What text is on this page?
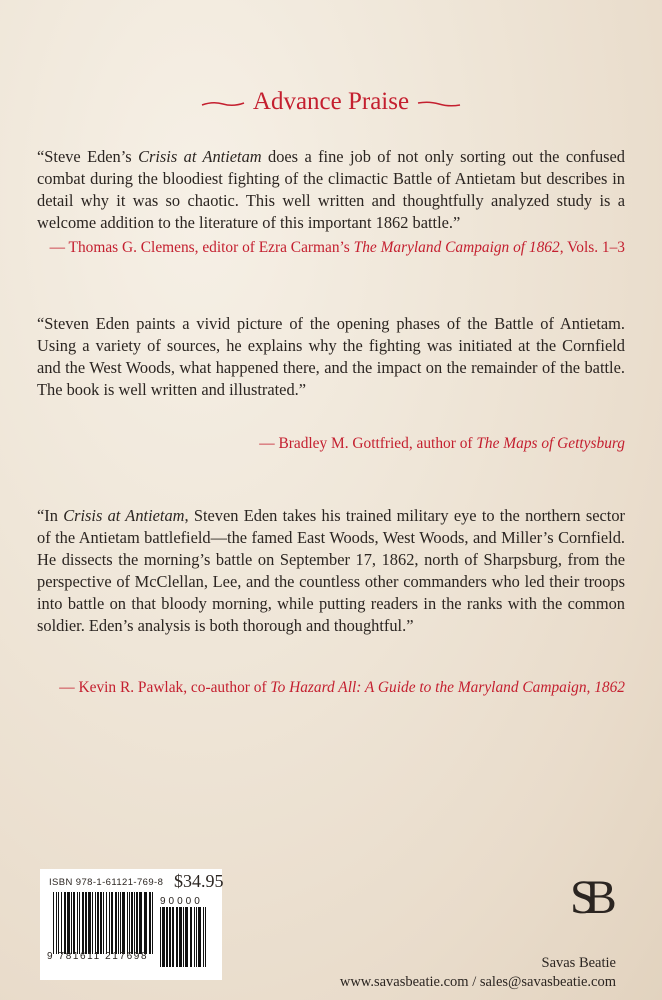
Advance Praise
“Steve Eden’s Crisis at Antietam does a fine job of not only sorting out the confused combat during the bloodiest fighting of the climactic Battle of Antietam but describes in detail why it was so chaotic. This well written and thoughtfully analyzed study is a welcome addition to the literature of this important 1862 battle.”
— Thomas G. Clemens, editor of Ezra Carman’s The Maryland Campaign of 1862, Vols. 1–3
“Steven Eden paints a vivid picture of the opening phases of the Battle of Antietam. Using a variety of sources, he explains why the fighting was initiated at the Cornfield and the West Woods, what happened there, and the impact on the remainder of the battle. The book is well written and illustrated.”
— Bradley M. Gottfried, author of The Maps of Gettysburg
“In Crisis at Antietam, Steven Eden takes his trained military eye to the northern sector of the Antietam battlefield—the famed East Woods, West Woods, and Miller’s Cornfield. He dissects the morning’s battle on September 17, 1862, north of Sharpsburg, from the perspective of McClellan, Lee, and the countless other commanders who led their troops into battle on that bloody morning, while putting readers in the ranks with the common soldier. Eden’s analysis is both thorough and thoughtful.”
— Kevin R. Pawlak, co-author of To Hazard All: A Guide to the Maryland Campaign, 1862
ISBN 978-1-61121-769-8 $34.95
90000
9 781611 217698
SB
Savas Beatie
www.savasbeatie.com / sales@savasbeatie.com
